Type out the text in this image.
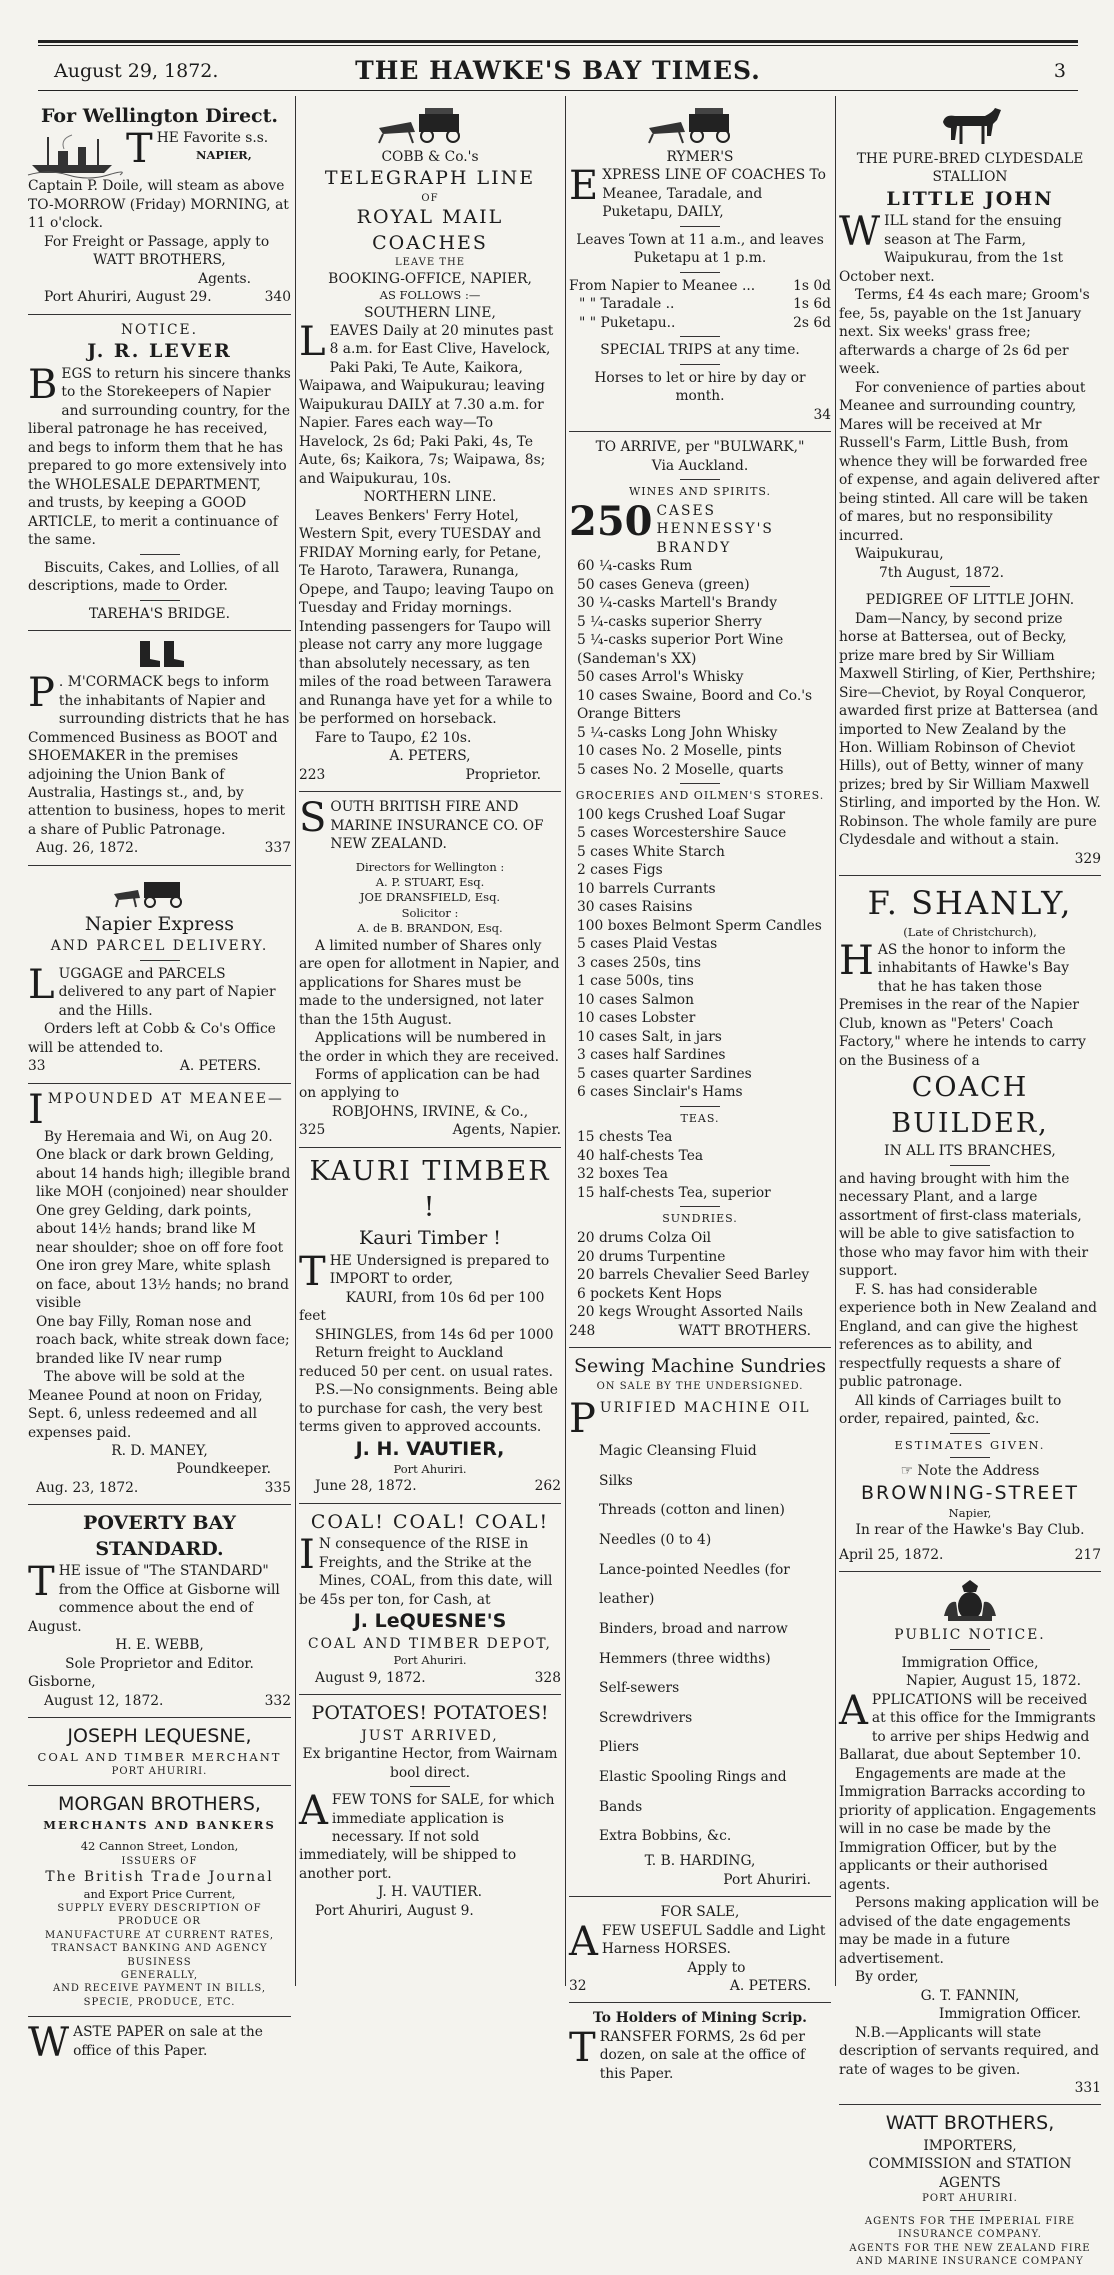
August 29, 1872.	THE HAWKE'S BAY TIMES.	3

For Wellington Direct.

THE Favorite s.s.

NAPIER,

Captain P. Doile, will steam as above TO-MORROW (Friday) MORNING, at 11 o'clock.

For Freight or Passage, apply to

WATT BROTHERS,

Agents.

Port Ahuriri, August 29.	340

NOTICE.

J. R. LEVER

BEGS to return his sincere thanks to the Storekeepers of Napier and surrounding country, for the liberal patronage he has received, and begs to inform them that he has prepared to go more extensively into the WHOLESALE DEPARTMENT, and trusts, by keeping a GOOD ARTICLE, to merit a continuance of the same.

Biscuits, Cakes, and Lollies, of all descriptions, made to Order.

TAREHA'S BRIDGE.

P . M'CORMACK begs to inform the inhabitants of Napier and surrounding districts that he has Commenced Business as BOOT and SHOEMAKER in the premises adjoining the Union Bank of Australia, Hastings st., and, by attention to business, hopes to merit a share of Public Patronage.

Aug. 26, 1872.	337

Napier Express

AND PARCEL DELIVERY.

LUGGAGE and PARCELS delivered to any part of Napier and the Hills.

Orders left at Cobb & Co's Office will be attended to.

33	A. PETERS.

IMPOUNDED AT MEANEE—

By Heremaia and Wi, on Aug 20.

One black or dark brown Gelding, about 14 hands high; illegible brand like MOH (conjoined) near shoulder

One grey Gelding, dark points, about 14½ hands; brand like M near shoulder; shoe on off fore foot

One iron grey Mare, white splash on face, about 13½ hands; no brand visible

One bay Filly, Roman nose and roach back, white streak down face; branded like IV near rump

The above will be sold at the Meanee Pound at noon on Friday, Sept. 6, unless redeemed and all expenses paid.

R. D. MANEY,

Poundkeeper.

Aug. 23, 1872.	335

POVERTY BAY STANDARD.

THE issue of "The STANDARD" from the Office at Gisborne will commence about the end of August.

H. E. WEBB,

Sole Proprietor and Editor.

Gisborne,

August 12, 1872.	332

JOSEPH LEQUESNE,

COAL AND TIMBER MERCHANT

PORT AHURIRI.

MORGAN BROTHERS,

MERCHANTS AND BANKERS

42 Cannon Street, London,

ISSUERS OF

The British Trade Journal

and Export Price Current,

SUPPLY EVERY DESCRIPTION OF PRODUCE OR

MANUFACTURE AT CURRENT RATES,

TRANSACT BANKING AND AGENCY BUSINESS

GENERALLY,

AND RECEIVE PAYMENT IN BILLS,

SPECIE, PRODUCE, ETC.

WASTE PAPER on sale at the office of this Paper.

COBB & Co.'s

TELEGRAPH LINE

OF

ROYAL MAIL COACHES

LEAVE THE

BOOKING-OFFICE, NAPIER,

AS FOLLOWS :—

SOUTHERN LINE,

LEAVES Daily at 20 minutes past 8 a.m. for East Clive, Havelock, Paki Paki, Te Aute, Kaikora, Waipawa, and Waipukurau; leaving Waipukurau DAILY at 7.30 a.m. for Napier. Fares each way—To Havelock, 2s 6d; Paki Paki, 4s, Te Aute, 6s; Kaikora, 7s; Waipawa, 8s; and Waipukurau, 10s.

NORTHERN LINE.

Leaves Benkers' Ferry Hotel, Western Spit, every TUESDAY and FRIDAY Morning early, for Petane, Te Haroto, Tarawera, Runanga, Opepe, and Taupo; leaving Taupo on Tuesday and Friday mornings. Intending passengers for Taupo will please not carry any more luggage than absolutely necessary, as ten miles of the road between Tarawera and Runanga have yet for a while to be performed on horseback.

Fare to Taupo, £2 10s.

A. PETERS,

223	Proprietor.

SOUTH BRITISH FIRE AND MARINE INSURANCE CO. OF NEW ZEALAND.

Directors for Wellington :

A. P. STUART, Esq.

JOE DRANSFIELD, Esq.

Solicitor :

A. de B. BRANDON, Esq.

A limited number of Shares only are open for allotment in Napier, and applications for Shares must be made to the undersigned, not later than the 15th August.

Applications will be numbered in the order in which they are received.

Forms of application can be had on applying to

ROBJOHNS, IRVINE, & Co.,

325	Agents, Napier.

KAURI TIMBER !

Kauri Timber !

THE Undersigned is prepared to IMPORT to order,

KAURI, from 10s 6d per 100 feet

SHINGLES, from 14s 6d per 1000

Return freight to Auckland reduced 50 per cent. on usual rates.

P.S.—No consignments. Being able to purchase for cash, the very best terms given to approved accounts.

J. H. VAUTIER,

Port Ahuriri.

June 28, 1872.	262

COAL! COAL! COAL!

I N consequence of the RISE in Freights, and the Strike at the Mines, COAL, from this date, will be 45s per ton, for Cash, at

J. LeQUESNE'S

COAL AND TIMBER DEPOT,

Port Ahuriri.

August 9, 1872.	328

POTATOES! POTATOES!

JUST ARRIVED,

Ex brigantine Hector, from Wairnam bool direct.

AFEW TONS for SALE, for which immediate application is necessary. If not sold immediately, will be shipped to another port.

J. H. VAUTIER.

Port Ahuriri, August 9.

RYMER'S

EXPRESS LINE OF COACHES To Meanee, Taradale, and Puketapu, DAILY,

Leaves Town at 11 a.m., and leaves Puketapu at 1 p.m.

From Napier to Meanee ...	1s 0d
" " Taradale ..	1s 6d
" " Puketapu..	2s 6d

SPECIAL TRIPS at any time.

Horses to let or hire by day or month.

34

TO ARRIVE, per "BULWARK,"

Via Auckland.

WINES AND SPIRITS.

250 CASES HENNESSY'S BRANDY

60 ¼-casks Rum

50 cases Geneva (green)

30 ¼-casks Martell's Brandy

5 ¼-casks superior Sherry

5 ¼-casks superior Port Wine (Sandeman's XX)

50 cases Arrol's Whisky

10 cases Swaine, Boord and Co.'s Orange Bitters

5 ¼-casks Long John Whisky

10 cases No. 2 Moselle, pints

5 cases No. 2 Moselle, quarts

GROCERIES AND OILMEN'S STORES.

100 kegs Crushed Loaf Sugar

5 cases Worcestershire Sauce

5 cases White Starch

2 cases Figs

10 barrels Currants

30 cases Raisins

100 boxes Belmont Sperm Candles

5 cases Plaid Vestas

3 cases 250s, tins

1 case 500s, tins

10 cases Salmon

10 cases Lobster

10 cases Salt, in jars

3 cases half Sardines

5 cases quarter Sardines

6 cases Sinclair's Hams

TEAS.

15 chests Tea

40 half-chests Tea

32 boxes Tea

15 half-chests Tea, superior

SUNDRIES.

20 drums Colza Oil

20 drums Turpentine

20 barrels Chevalier Seed Barley

6 pockets Kent Hops

20 kegs Wrought Assorted Nails

248	WATT BROTHERS.

Sewing Machine Sundries

ON SALE BY THE UNDERSIGNED.

PURIFIED MACHINE OIL

Magic Cleansing Fluid

Silks

Threads (cotton and linen)

Needles (0 to 4)

Lance-pointed Needles (for leather)

Binders, broad and narrow

Hemmers (three widths)

Self-sewers

Screwdrivers

Pliers

Elastic Spooling Rings and Bands

Extra Bobbins, &c.

T. B. HARDING,

Port Ahuriri.

FOR SALE,

AFEW USEFUL Saddle and Light Harness HORSES.

Apply to

32	A. PETERS.

To Holders of Mining Scrip.

TRANSFER FORMS, 2s 6d per dozen, on sale at the office of this Paper.

THE PURE-BRED CLYDESDALE

STALLION

LITTLE JOHN

WILL stand for the ensuing season at The Farm, Waipukurau, from the 1st October next.

Terms, £4 4s each mare; Groom's fee, 5s, payable on the 1st January next. Six weeks' grass free; afterwards a charge of 2s 6d per week.

For convenience of parties about Meanee and surrounding country, Mares will be received at Mr Russell's Farm, Little Bush, from whence they will be forwarded free of expense, and again delivered after being stinted. All care will be taken of mares, but no responsibility incurred.

Waipukurau,

7th August, 1872.

PEDIGREE OF LITTLE JOHN.

Dam—Nancy, by second prize horse at Battersea, out of Becky, prize mare bred by Sir William Maxwell Stirling, of Kier, Perthshire; Sire—Cheviot, by Royal Conqueror, awarded first prize at Battersea (and imported to New Zealand by the Hon. William Robinson of Cheviot Hills), out of Betty, winner of many prizes; bred by Sir William Maxwell Stirling, and imported by the Hon. W. Robinson. The whole family are pure Clydesdale and without a stain.

329

F. SHANLY,

(Late of Christchurch),

HAS the honor to inform the inhabitants of Hawke's Bay that he has taken those Premises in the rear of the Napier Club, known as "Peters' Coach Factory," where he intends to carry on the Business of a

COACH BUILDER,

IN ALL ITS BRANCHES,

and having brought with him the necessary Plant, and a large assortment of first-class materials, will be able to give satisfaction to those who may favor him with their support.

F. S. has had considerable experience both in New Zealand and England, and can give the highest references as to ability, and respectfully requests a share of public patronage.

All kinds of Carriages built to order, repaired, painted, &c.

ESTIMATES GIVEN.

☞ Note the Address

BROWNING-STREET

Napier,

In rear of the Hawke's Bay Club.

April 25, 1872.	217

PUBLIC NOTICE.

Immigration Office,

Napier, August 15, 1872.

APPLICATIONS will be received at this office for the Immigrants to arrive per ships Hedwig and Ballarat, due about September 10.

Engagements are made at the Immigration Barracks according to priority of application. Engagements will in no case be made by the Immigration Officer, but by the applicants or their authorised agents.

Persons making application will be advised of the date engagements may be made in a future advertisement.

By order,

G. T. FANNIN,

Immigration Officer.

N.B.—Applicants will state description of servants required, and rate of wages to be given.

331

WATT BROTHERS,

IMPORTERS,

COMMISSION and STATION AGENTS

PORT AHURIRI.

AGENTS FOR THE IMPERIAL FIRE INSURANCE COMPANY.

AGENTS FOR THE NEW ZEALAND FIRE AND MARINE INSURANCE COMPANY
